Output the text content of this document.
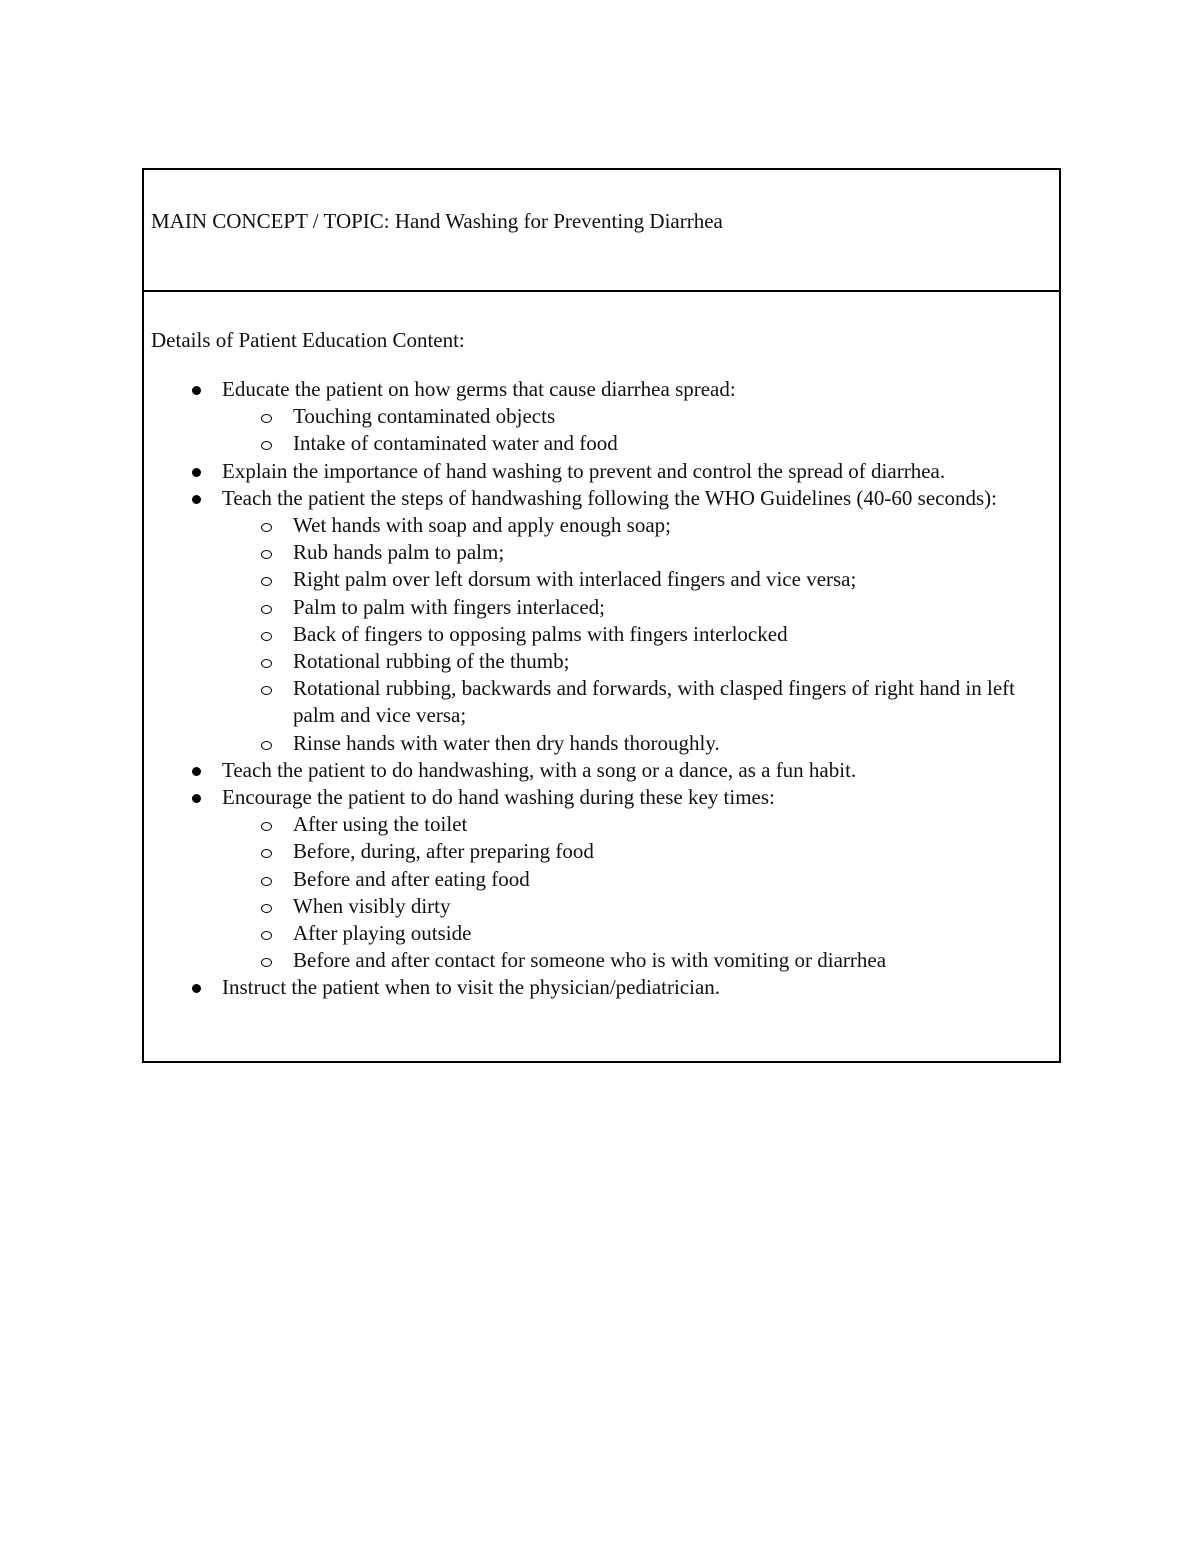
MAIN CONCEPT / TOPIC: Hand Washing for Preventing Diarrhea
Details of Patient Education Content:
Educate the patient on how germs that cause diarrhea spread:
Touching contaminated objects
Intake of contaminated water and food
Explain the importance of hand washing to prevent and control the spread of diarrhea.
Teach the patient the steps of handwashing following the WHO Guidelines (40-60 seconds):
Wet hands with soap and apply enough soap;
Rub hands palm to palm;
Right palm over left dorsum with interlaced fingers and vice versa;
Palm to palm with fingers interlaced;
Back of fingers to opposing palms with fingers interlocked
Rotational rubbing of the thumb;
Rotational rubbing, backwards and forwards, with clasped fingers of right hand in left palm and vice versa;
Rinse hands with water then dry hands thoroughly.
Teach the patient to do handwashing, with a song or a dance, as a fun habit.
Encourage the patient to do hand washing during these key times:
After using the toilet
Before, during, after preparing food
Before and after eating food
When visibly dirty
After playing outside
Before and after contact for someone who is with vomiting or diarrhea
Instruct the patient when to visit the physician/pediatrician.
